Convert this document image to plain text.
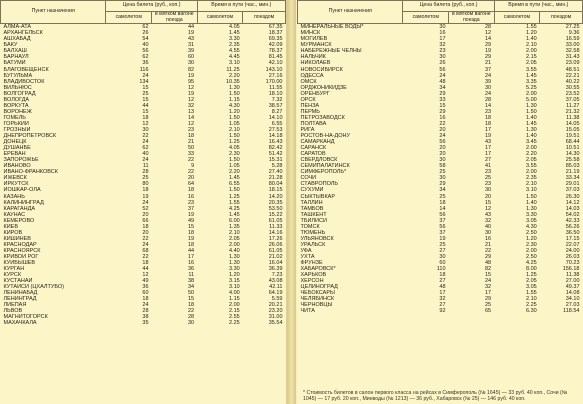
Пункт назначения	Цена билета (руб., коп.)		Время в пути (час., мин.)	
	самолетом	в мягком вагоне поезда	самолетом	поездом
АЛМА-АТА	62	44	4.05	67.35
АРХАНГЕЛЬСК	26	19	1.45	18.37
АШХАБАД	54	43	3.30	69.35
БАКУ	40	31	2.35	42.09
БАЛХАШ	56	39	4.55	78.37
БАРНАУЛ	62	60	4.45	81.45
БАТУМИ	36	30	3.10	42.10
БЛАГОВЕЩЕНСК	116	82	11.25	143.10
БУГУЛЬМА	24	19	2.20	27.16
ВЛАДИВОСТОК	134	95	10.35	170.00
ВИЛЬНЮС	15	12	1.30	11.55
ВОЛГОГРАД	25	19	1.50	18.10
ВОЛОГДА	15	12	1.15	7.32
ВОРКУТА	44	32	4.30	38.57
ВОРОНЕЖ	15	13	1.20	8.27
ГОМЕЛЬ	18	14	1.50	14.10
ГОРЬКИЙ	12	12	1.05	6.55
ГРОЗНЫЙ	30	23	2.10	27.53
ДНЕПРОПЕТРОВСК	22	18	1.50	14.18
ДОНЕЦК	24	21	1.25	16.43
ДУШАНБЕ	62	50	4.05	82.42
ЕРЕВАН	40	33	2.30	51.42
ЗАПОРОЖЬЕ	24	22	1.50	15.31
ИВАНОВО	11	9	1.05	5.28
ИВАНО-ФРАНКОВСК	28	22	2.20	27.40
ИЖЕВСК	25	20	1.45	21.28
ИРКУТСК	80	64	6.55	80.04
ЙОШКАР-ОЛА	18	18	1.50	18.15
КАЗАНЬ	19	16	1.25	14.20
КАЛИНИНГРАД	24	23	1.55	20.35
КАРАГАНДА	52	37	4.25	53.50
КАУНАС	20	19	1.45	15.22
КЕМЕРОВО	66	49	6.00	61.05
КИЕВ	18	15	1.35	11.33
КИРОВ	20	18	2.10	14.16
КИШИНЕВ	22	19	2.05	17.26
КРАСНОДАР	24	18	2.00	26.06
КРАСНОЯРСК	68	44	4.40	61.05
КРИВОЙ РОГ	22	17	1.30	21.02
КУЙБЫШЕВ	18	16	1.30	16.04
КУРГАН	44	36	3.30	36.39
КУРСК	12	11	1.20	7.23
КУСТАНАЙ	49	38	3.15	43.08
КУТАИСИ (ЦХАЛТУБО)	36	34	3.10	42.11
ЛЕНИНАБАД	60	50	4.00	64.19
ЛЕНИНГРАД	18	15	1.15	5.59
ЛИЕПАЯ	24	18	2.00	20.21
ЛЬВОВ	28	22	2.15	23.20
МАГНИТОГОРСК	38	28	2.55	31.00
МАХАЧКАЛА	35	30	2.25	35.54
Пункт назначения	Цена билета (руб., коп.)		Время в пути (час., мин.)	
	самолетом	в мягком вагоне поезда	самолетом	поездом
МИНЕРАЛЬНЫЕ ВОДЫ*	30	28	1.55	27.25
МИНСК	16	12	1.20	9.36
МОГИЛЕВ	17	14	1.40	16.59
МУРМАНСК	32	29	2.10	33.00
НАБЕРЕЖНЫЕ ЧЕЛНЫ	23	19	2.00	32.58
НАЛЬЧИК	30	29	2.15	31.43
НИКОЛАЕВ	26	21	2.05	23.09
НОВОСИБИРСК	56	37	3.55	48.51
ОДЕССА	24	24	1.45	22.21
ОМСК	48	39	3.35	40.22
ОРДЖОНИКИДЗЕ	34	30	5.25	30.55
ОРЕНБУРГ	29	24	2.00	23.52
ОРСК	33	28	5.00	37.05
ПЕНЗА	15	14	1.30	11.27
ПЕРМЬ	29	23	1.50	21.32
ПЕТРОЗАВОДСК	16	18	1.40	11.38
ПОЛТАВА	22	18	1.45	14.05
РИГА	20	17	1.30	15.05
РОСТОВ-НА-ДОНУ	24	19	1.40	19.51
САМАРКАНД	56	43	3.45	68.44
САРАНСК	20	17	2.00	10.51
САРАТОВ	20	17	2.20	14.30
СВЕРДЛОВСК	30	27	2.05	25.58
СЕМИПАЛАТИНСК	58	41	3.55	85.03
СИМФЕРОПОЛЬ*	25	23	2.00	21.19
СОЧИ	30	25	2.35	33.34
СТАВРОПОЛЬ	29	23	2.10	29.01
СУХУМИ	34	30	3.10	37.03
СЫКТЫВКАР	25	20	1.50	26.30
ТАЛЛИН	18	15	1.40	14.12
ТАМБОВ	14	12	1.30	14.03
ТАШКЕНТ	56	43	3.30	54.02
ТБИЛИСИ	37	32	3.05	42.33
ТОМСК	56	40	4.30	56.26
ТЮМЕНЬ	37	30	2.50	36.50
УЛЬЯНОВСК	19	16	1.20	17.15
УРАЛЬСК	25	21	2.30	22.07
УФА	27	22	2.00	24.00
УХТА	30	29	2.50	26.03
ФРУНЗЕ	60	48	4.25	70.23
ХАБАРОВСК*	110	82	8.00	156.18
ХАРЬКОВ	18	15	1.25	11.38
ХЕРСОН	27	24	2.05	27.00
ЦЕЛИНОГРАД	48	32	3.05	49.37
ЧЕБОКСАРЫ	17	17	1.55	14.08
ЧЕЛЯБИНСК	32	29	2.10	34.10
ЧЕРНОВЦЫ	27	25	2.25	27.03
ЧИТА	92	65	6.30	118.54
* Стоимость билетов в салон первого класса на рейсах в Симферополь (№ 1645) — 33 руб. 40 коп., Сочи (№ 1045) — 17 руб. 20 коп., Минводы (№ 1213) — 36 руб., Хабаровск (№ 25) — 146 руб. 40 коп.
